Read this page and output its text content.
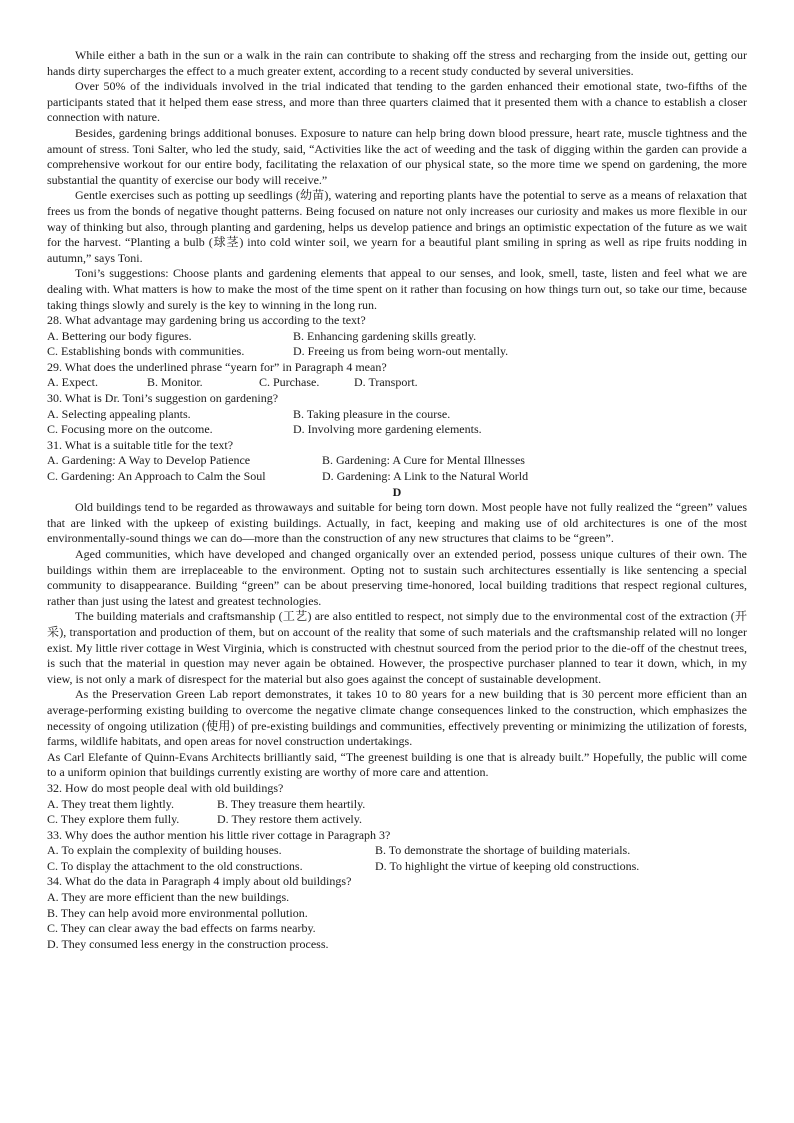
While either a bath in the sun or a walk in the rain can contribute to shaking off the stress and recharging from the inside out, getting our hands dirty supercharges the effect to a much greater extent, according to a recent study conducted by several universities.

Over 50% of the individuals involved in the trial indicated that tending to the garden enhanced their emotional state, two-fifths of the participants stated that it helped them ease stress, and more than three quarters claimed that it presented them with a chance to establish a closer connection with nature.

Besides, gardening brings additional bonuses. Exposure to nature can help bring down blood pressure, heart rate, muscle tightness and the amount of stress. Toni Salter, who led the study, said, “Activities like the act of weeding and the task of digging within the garden can provide a comprehensive workout for our entire body, facilitating the relaxation of our physical state, so the more time we spend on gardening, the more substantial the quantity of exercise our body will receive.”

Gentle exercises such as potting up seedlings (幼苗), watering and reporting plants have the potential to serve as a means of relaxation that frees us from the bonds of negative thought patterns. Being focused on nature not only increases our curiosity and makes us more flexible in our way of thinking but also, through planting and gardening, helps us develop patience and brings an optimistic expectation of the future as we wait for the harvest. “Planting a bulb (球茎) into cold winter soil, we yearn for a beautiful plant smiling in spring as well as ripe fruits nodding in autumn,” says Toni.

Toni’s suggestions: Choose plants and gardening elements that appeal to our senses, and look, smell, taste, listen and feel what we are dealing with. What matters is how to make the most of the time spent on it rather than focusing on how things turn out, so take our time, because taking things slowly and surely is the key to winning in the long run.

28. What advantage may gardening bring us according to the text?

A. Bettering our body figures.	B. Enhancing gardening skills greatly.
C. Establishing bonds with communities.	D. Freeing us from being worn-out mentally.

29. What does the underlined phrase “yearn for” in Paragraph 4 mean?

A. Expect.	B. Monitor.	C. Purchase.	D. Transport.

30. What is Dr. Toni’s suggestion on gardening?

A. Selecting appealing plants.	B. Taking pleasure in the course.
C. Focusing more on the outcome.	D. Involving more gardening elements.

31. What is a suitable title for the text?

A. Gardening: A Way to Develop Patience	B. Gardening: A Cure for Mental Illnesses
C. Gardening: An Approach to Calm the Soul	D. Gardening: A Link to the Natural World

D

Old buildings tend to be regarded as throwaways and suitable for being torn down. Most people have not fully realized the “green” values that are linked with the upkeep of existing buildings. Actually, in fact, keeping and making use of old architectures is one of the most environmentally-sound things we can do—more than the construction of any new structures that claims to be “green”.

Aged communities, which have developed and changed organically over an extended period, possess unique cultures of their own. The buildings within them are irreplaceable to the environment. Opting not to sustain such architectures essentially is like sentencing a special community to disappearance. Building “green” can be about preserving time-honored, local building traditions that respect regional cultures, rather than just using the latest and greatest technologies.

The building materials and craftsmanship (工艺) are also entitled to respect, not simply due to the environmental cost of the extraction (开采), transportation and production of them, but on account of the reality that some of such materials and the craftsmanship related will no longer exist. My little river cottage in West Virginia, which is constructed with chestnut sourced from the period prior to the die-off of the chestnut trees, is such that the material in question may never again be obtained. However, the prospective purchaser planned to tear it down, which, in my view, is not only a mark of disrespect for the material but also goes against the concept of sustainable development.

As the Preservation Green Lab report demonstrates, it takes 10 to 80 years for a new building that is 30 percent more efficient than an average-performing existing building to overcome the negative climate change consequences linked to the construction, which emphasizes the necessity of ongoing utilization (使用) of pre-existing buildings and communities, effectively preventing or minimizing the utilization of forests, farms, wildlife habitats, and open areas for novel construction undertakings.

As Carl Elefante of Quinn-Evans Architects brilliantly said, “The greenest building is one that is already built.” Hopefully, the public will come to a uniform opinion that buildings currently existing are worthy of more care and attention.

32. How do most people deal with old buildings?

A. They treat them lightly.	B. They treasure them heartily.
C. They explore them fully.	D. They restore them actively.

33. Why does the author mention his little river cottage in Paragraph 3?

A. To explain the complexity of building houses.	B. To demonstrate the shortage of building materials.
C. To display the attachment to the old constructions.	D. To highlight the virtue of keeping old constructions.

34. What do the data in Paragraph 4 imply about old buildings?

A. They are more efficient than the new buildings.

B. They can help avoid more environmental pollution.

C. They can clear away the bad effects on farms nearby.

D. They consumed less energy in the construction process.
